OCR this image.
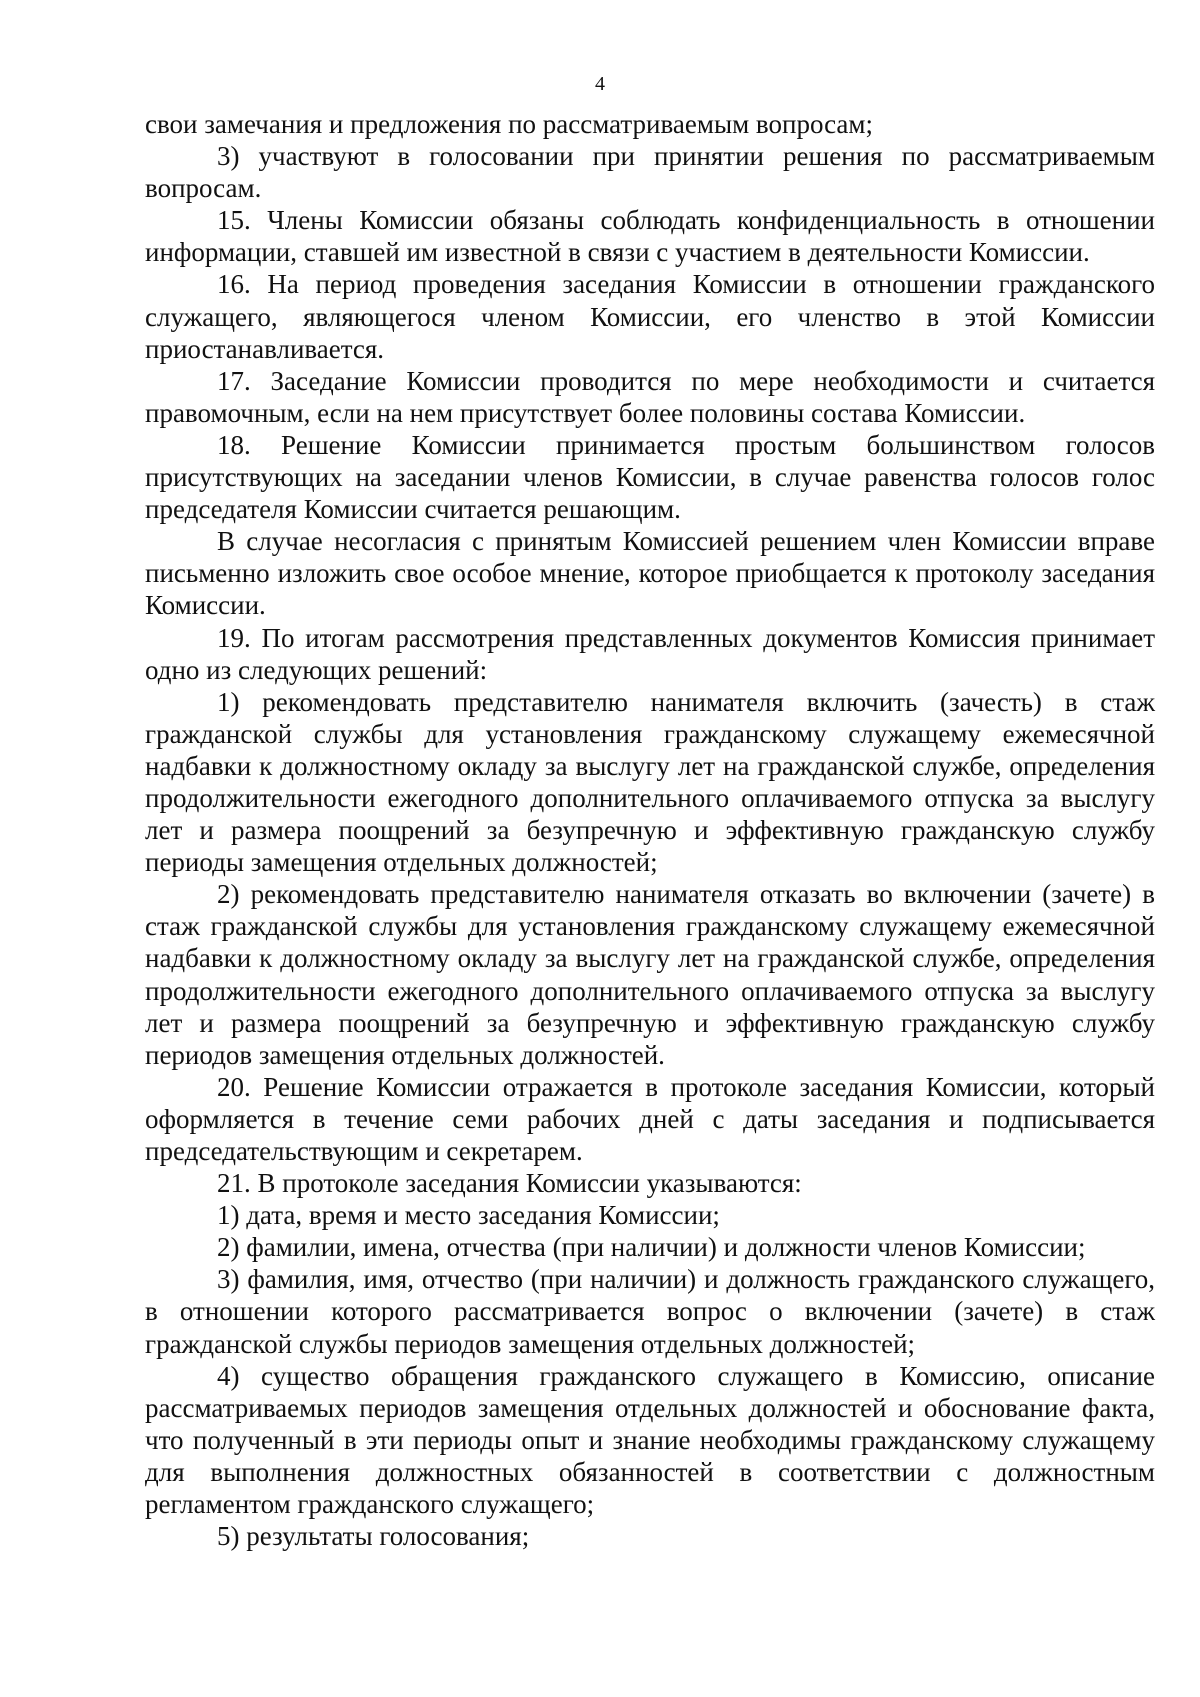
4

свои замечания и предложения по рассматриваемым вопросам;

3) участвуют в голосовании при принятии решения по рассматриваемым вопросам.

15. Члены Комиссии обязаны соблюдать конфиденциальность в отношении информации, ставшей им известной в связи с участием в деятельности Комиссии.

16. На период проведения заседания Комиссии в отношении гражданского служащего, являющегося членом Комиссии, его членство в этой Комиссии приостанавливается.

17. Заседание Комиссии проводится по мере необходимости и считается правомочным, если на нем присутствует более половины состава Комиссии.

18. Решение Комиссии принимается простым большинством голосов присутствующих на заседании членов Комиссии, в случае равенства голосов голос председателя Комиссии считается решающим.

В случае несогласия с принятым Комиссией решением член Комиссии вправе письменно изложить свое особое мнение, которое приобщается к протоколу заседания Комиссии.

19. По итогам рассмотрения представленных документов Комиссия принимает одно из следующих решений:

1) рекомендовать представителю нанимателя включить (зачесть) в стаж гражданской службы для установления гражданскому служащему ежемесячной надбавки к должностному окладу за выслугу лет на гражданской службе, определения продолжительности ежегодного дополнительного оплачиваемого отпуска за выслугу лет и размера поощрений за безупречную и эффективную гражданскую службу периоды замещения отдельных должностей;

2) рекомендовать представителю нанимателя отказать во включении (зачете) в стаж гражданской службы для установления гражданскому служащему ежемесячной надбавки к должностному окладу за выслугу лет на гражданской службе, определения продолжительности ежегодного дополнительного оплачиваемого отпуска за выслугу лет и размера поощрений за безупречную и эффективную гражданскую службу периодов замещения отдельных должностей.

20. Решение Комиссии отражается в протоколе заседания Комиссии, который оформляется в течение семи рабочих дней с даты заседания и подписывается председательствующим и секретарем.

21. В протоколе заседания Комиссии указываются:

1) дата, время и место заседания Комиссии;

2) фамилии, имена, отчества (при наличии) и должности членов Комиссии;

3) фамилия, имя, отчество (при наличии) и должность гражданского служащего, в отношении которого рассматривается вопрос о включении (зачете) в стаж гражданской службы периодов замещения отдельных должностей;

4) существо обращения гражданского служащего в Комиссию, описание рассматриваемых периодов замещения отдельных должностей и обоснование факта, что полученный в эти периоды опыт и знание необходимы гражданскому служащему для выполнения должностных обязанностей в соответствии с должностным регламентом гражданского служащего;

5) результаты голосования;
